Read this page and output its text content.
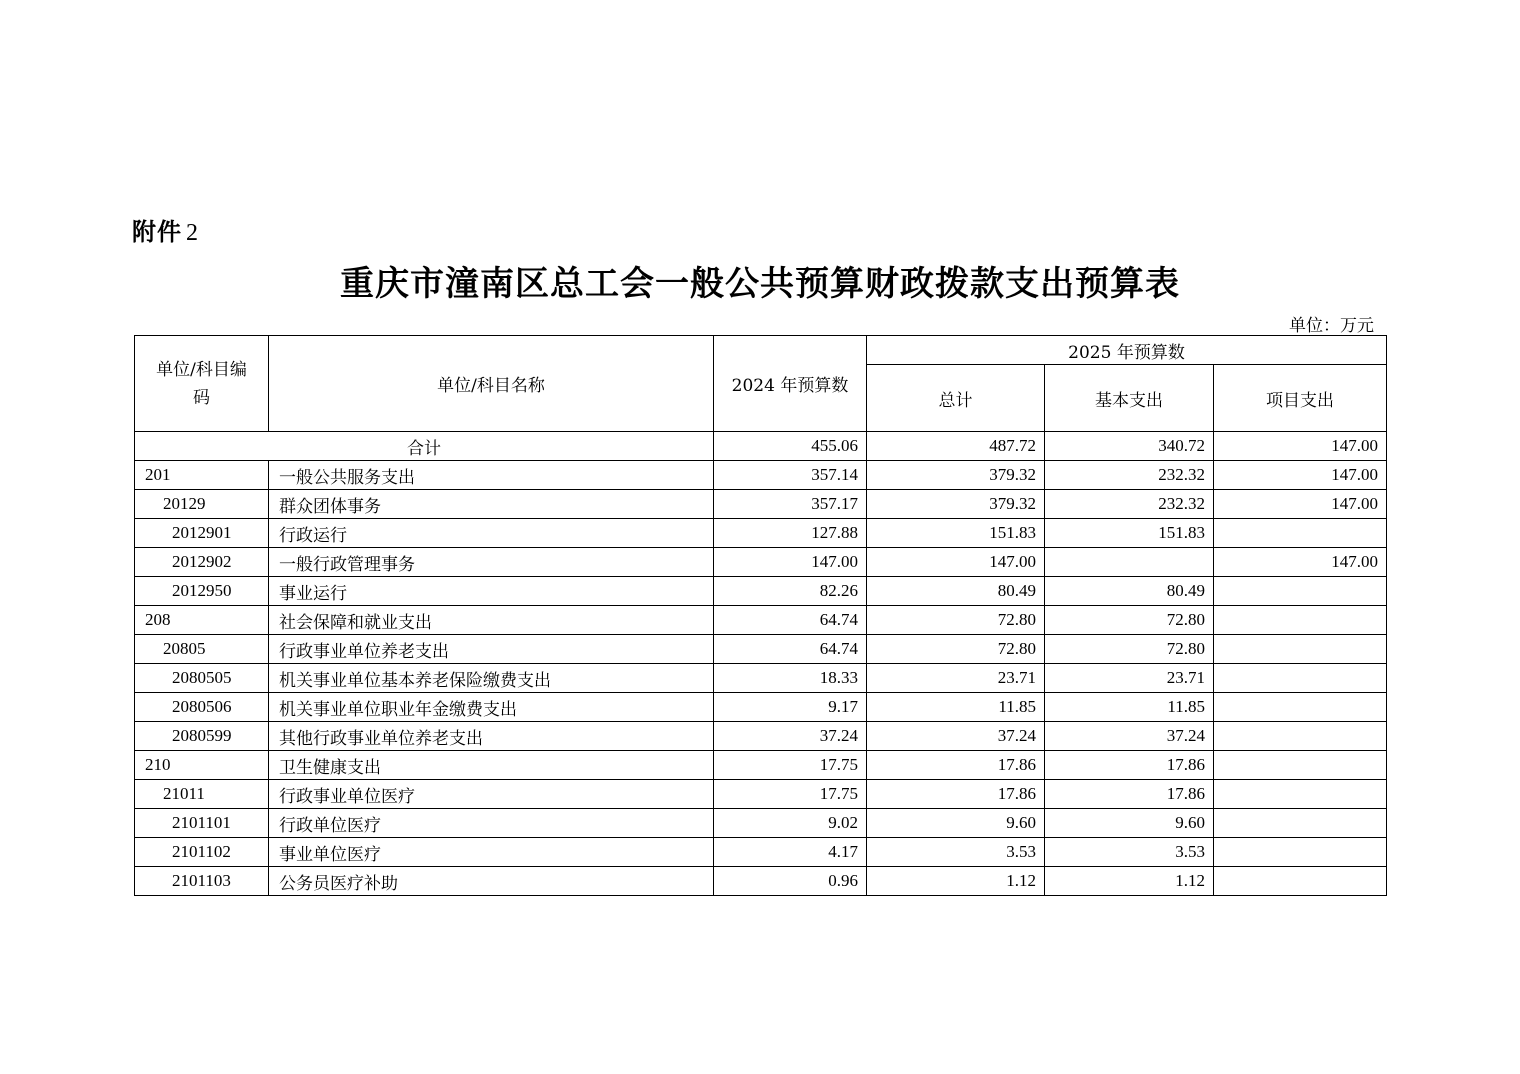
附件 2
重庆市潼南区总工会一般公共预算财政拨款支出预算表
单位：万元
单位/科目编码	单位/科目名称	2024 年预算数	2025 年预算数		
			总计	基本支出	项目支出
合计		455.06	487.72	340.72	147.00
201	一般公共服务支出	357.14	379.32	232.32	147.00
20129	群众团体事务	357.17	379.32	232.32	147.00
2012901	行政运行	127.88	151.83	151.83	
2012902	一般行政管理事务	147.00	147.00		147.00
2012950	事业运行	82.26	80.49	80.49	
208	社会保障和就业支出	64.74	72.80	72.80	
20805	行政事业单位养老支出	64.74	72.80	72.80	
2080505	机关事业单位基本养老保险缴费支出	18.33	23.71	23.71	
2080506	机关事业单位职业年金缴费支出	9.17	11.85	11.85	
2080599	其他行政事业单位养老支出	37.24	37.24	37.24	
210	卫生健康支出	17.75	17.86	17.86	
21011	行政事业单位医疗	17.75	17.86	17.86	
2101101	行政单位医疗	9.02	9.60	9.60	
2101102	事业单位医疗	4.17	3.53	3.53	
2101103	公务员医疗补助	0.96	1.12	1.12	
